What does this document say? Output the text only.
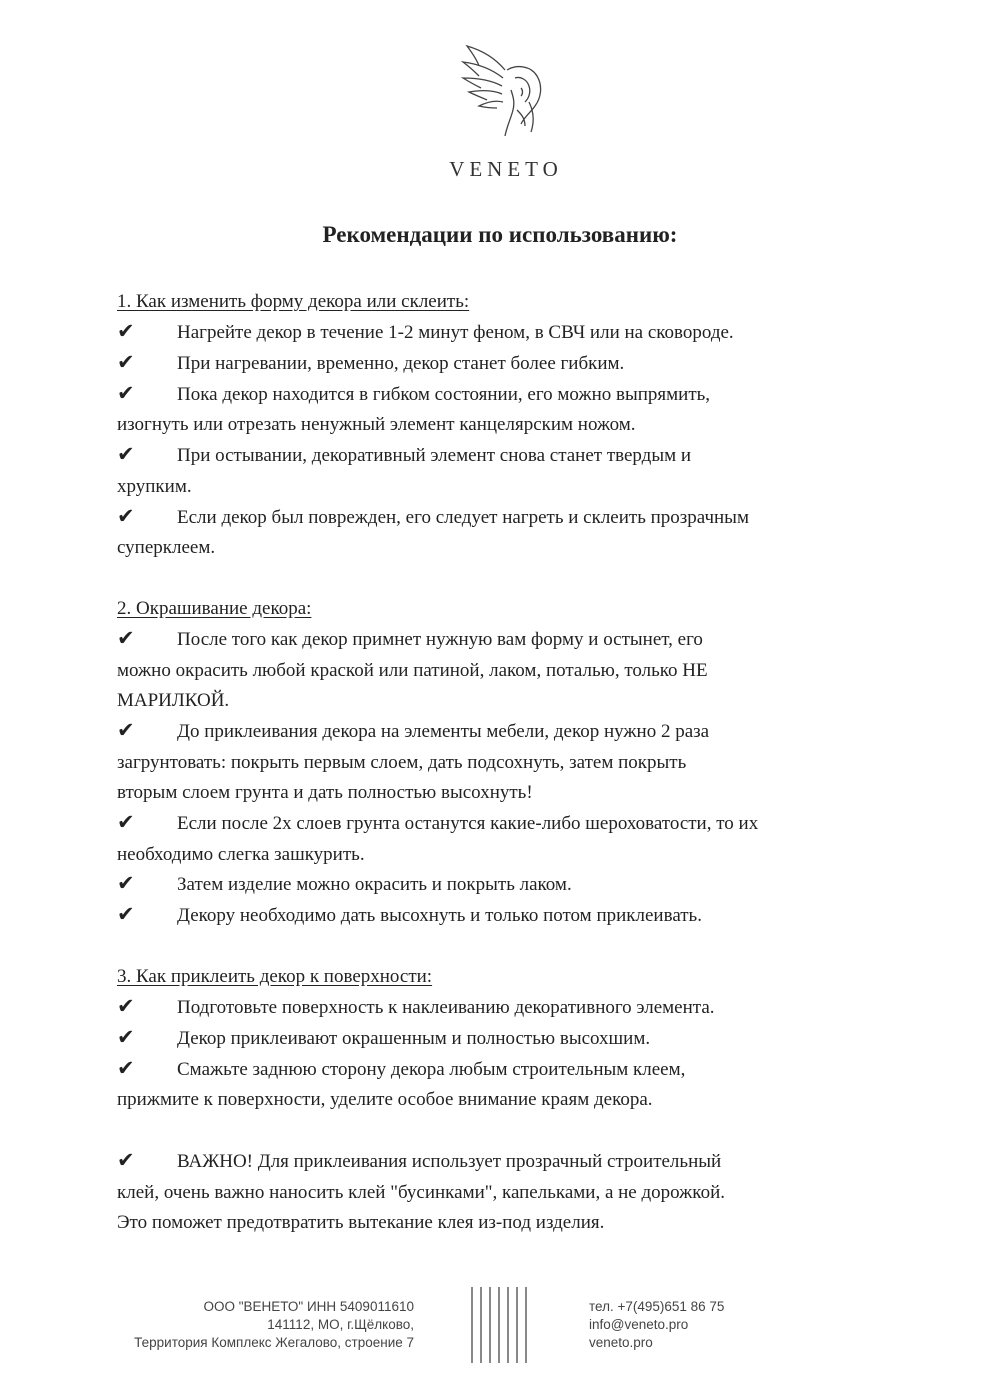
VENETO
Рекомендации по использованию:
1. Как изменить форму декора или склеить:
✔ Нагрейте декор в течение 1-2 минут феном, в СВЧ или на сковороде.
✔ При нагревании, временно, декор станет более гибким.
✔ Пока декор находится в гибком состоянии, его можно выпрямить,
изогнуть или отрезать ненужный элемент канцелярским ножом.
✔ При остывании, декоративный элемент снова станет твердым и
хрупким.
✔ Если декор был поврежден, его следует нагреть и склеить прозрачным
суперклеем.
2. Окрашивание декора:
✔ После того как декор примнет нужную вам форму и остынет, его
можно окрасить любой краской или патиной, лаком, поталью, только НЕ
МАРИЛКОЙ.
✔ До приклеивания декора на элементы мебели, декор нужно 2 раза
загрунтовать: покрыть первым слоем, дать подсохнуть, затем покрыть
вторым слоем грунта и дать полностью высохнуть!
✔ Если после 2х слоев грунта останутся какие-либо шероховатости, то их
необходимо слегка зашкурить.
✔ Затем изделие можно окрасить и покрыть лаком.
✔ Декору необходимо дать высохнуть и только потом приклеивать.
3. Как приклеить декор к поверхности:
✔ Подготовьте поверхность к наклеиванию декоративного элемента.
✔ Декор приклеивают окрашенным и полностью высохшим.
✔ Смажьте заднюю сторону декора любым строительным клеем,
прижмите к поверхности, уделите особое внимание краям декора.
✔ ВАЖНО! Для приклеивания использует прозрачный строительный
клей, очень важно наносить клей "бусинками", капельками, а не дорожкой.
Это поможет предотвратить вытекание клея из-под изделия.
ООО "ВЕНЕТО" ИНН 5409011610
141112, МО, г.Щёлково,
Территория Комплекс Жегалово, строение 7
тел. +7(495)651 86 75
info@veneto.pro
veneto.pro
